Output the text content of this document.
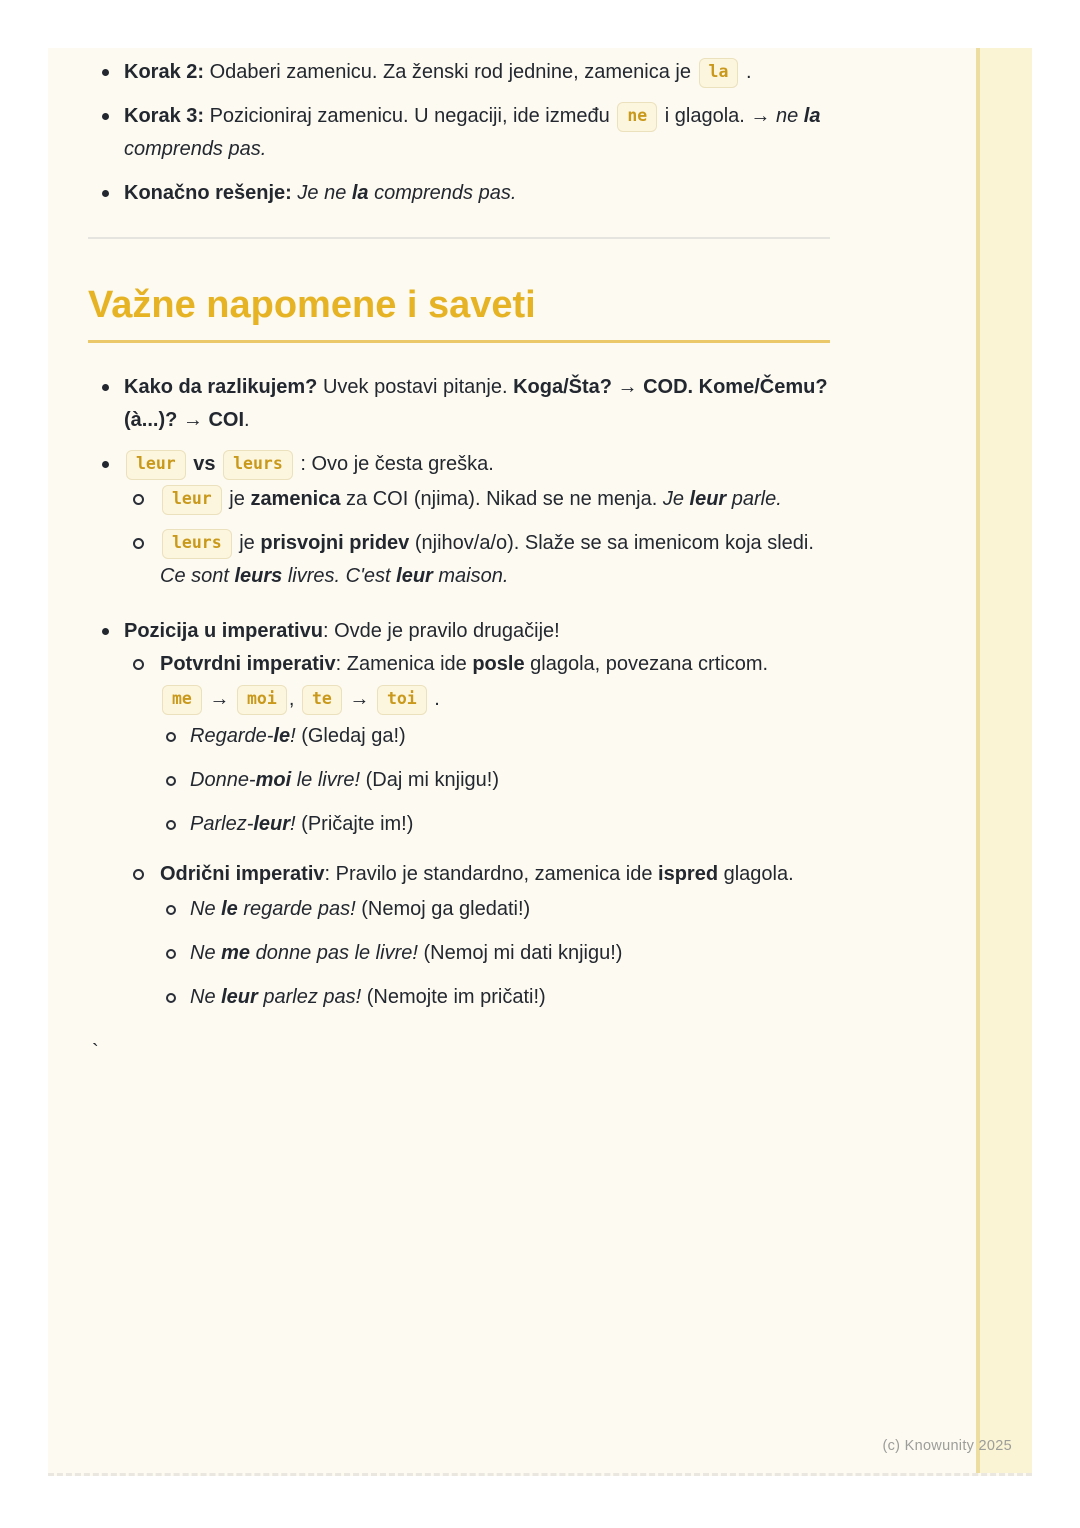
Korak 2: Odaberi zamenicu. Za ženski rod jednine, zamenica je la .
Korak 3: Pozicioniraj zamenicu. U negaciji, ide između ne i glagola. → ne la comprends pas.
Konačno rešenje: Je ne la comprends pas.
Važne napomene i saveti
Kako da razlikujem? Uvek postavi pitanje. Koga/Šta? → COD. Kome/Čemu? (à...)? → COI.
leur vs leurs : Ovo je česta greška.
leur je zamenica za COI (njima). Nikad se ne menja. Je leur parle.
leurs je prisvojni pridev (njihov/a/o). Slaže se sa imenicom koja sledi. Ce sont leurs livres. C'est leur maison.
Pozicija u imperativu: Ovde je pravilo drugačije!
Potvrdni imperativ: Zamenica ide posle glagola, povezana crticom.
me → moi , te → toi .
Regarde-le! (Gledaj ga!)
Donne-moi le livre! (Daj mi knjigu!)
Parlez-leur! (Pričajte im!)
Odrični imperativ: Pravilo je standardno, zamenica ide ispred glagola.
Ne le regarde pas! (Nemoj ga gledati!)
Ne me donne pas le livre! (Nemoj mi dati knjigu!)
Ne leur parlez pas! (Nemojte im pričati!)
`
(c) Knowunity 2025
